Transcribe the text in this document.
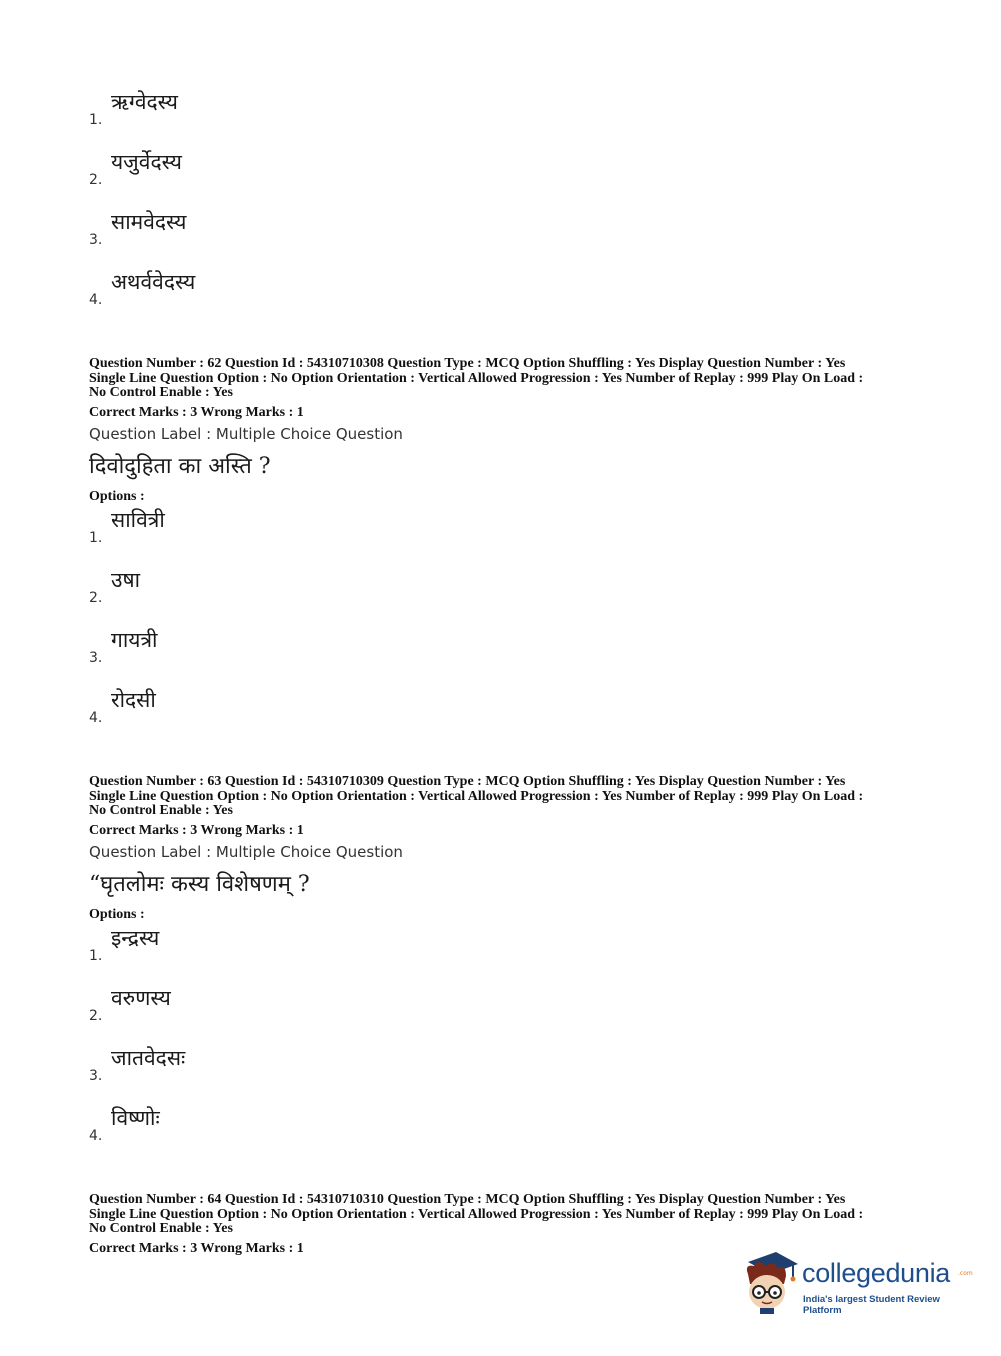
1.
ऋग्वेदस्य
2.
यजुर्वेदस्य
3.
सामवेदस्य
4.
अथर्ववेदस्य
Question Number : 62 Question Id : 54310710308 Question Type : MCQ Option Shuffling : Yes Display Question Number : Yes
Single Line Question Option : No Option Orientation : Vertical Allowed Progression : Yes Number of Replay : 999 Play On Load :
No Control Enable : Yes
Correct Marks : 3 Wrong Marks : 1
Question Label : Multiple Choice Question
दिवोदुहिता का अस्ति ?
Options :
1.
सावित्री
2.
उषा
3.
गायत्री
4.
रोदसी
Question Number : 63 Question Id : 54310710309 Question Type : MCQ Option Shuffling : Yes Display Question Number : Yes
Single Line Question Option : No Option Orientation : Vertical Allowed Progression : Yes Number of Replay : 999 Play On Load :
No Control Enable : Yes
Correct Marks : 3 Wrong Marks : 1
Question Label : Multiple Choice Question
“घृतलोमः कस्य विशेषणम् ?
Options :
1.
इन्द्रस्य
2.
वरुणस्य
3.
जातवेदसः
4.
विष्णोः
Question Number : 64 Question Id : 54310710310 Question Type : MCQ Option Shuffling : Yes Display Question Number : Yes
Single Line Question Option : No Option Orientation : Vertical Allowed Progression : Yes Number of Replay : 999 Play On Load :
No Control Enable : Yes
Correct Marks : 3 Wrong Marks : 1
collegedunia .com
India's largest Student Review Platform
